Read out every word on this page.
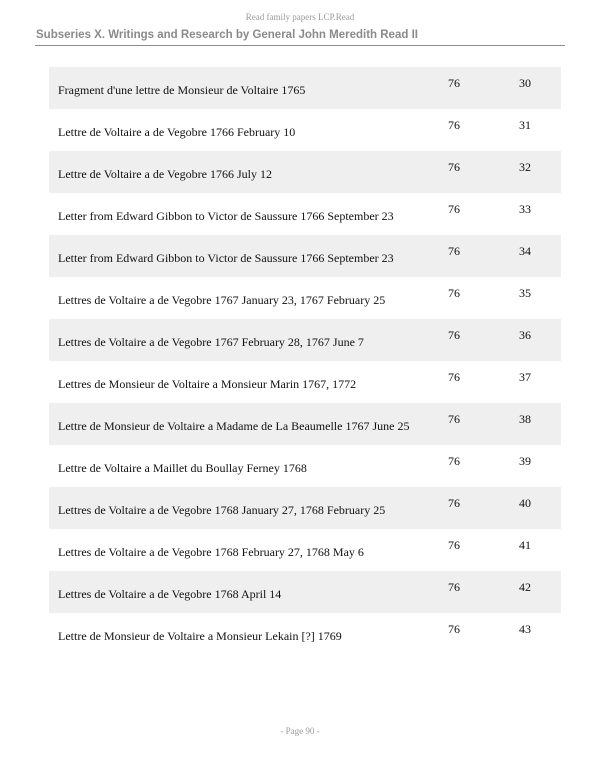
Read family papers LCP.Read
Subseries X. Writings and Research by General John Meredith Read II
Fragment d'une lettre de Monsieur de Voltaire 1765	76	30
Lettre de Voltaire a de Vegobre 1766 February 10	76	31
Lettre de Voltaire a de Vegobre 1766 July 12	76	32
Letter from Edward Gibbon to Victor de Saussure 1766 September 23	76	33
Letter from Edward Gibbon to Victor de Saussure 1766 September 23	76	34
Lettres de Voltaire a de Vegobre 1767 January 23, 1767 February 25	76	35
Lettres de Voltaire a de Vegobre 1767 February 28, 1767 June 7	76	36
Lettres de Monsieur de Voltaire a Monsieur Marin 1767, 1772	76	37
Lettre de Monsieur de Voltaire a Madame de La Beaumelle 1767 June 25	76	38
Lettre de Voltaire a Maillet du Boullay Ferney 1768	76	39
Lettres de Voltaire a de Vegobre 1768 January 27, 1768 February 25	76	40
Lettres de Voltaire a de Vegobre 1768 February 27, 1768 May 6	76	41
Lettres de Voltaire a de Vegobre 1768 April 14	76	42
Lettre de Monsieur de Voltaire a Monsieur Lekain [?] 1769	76	43
- Page 90 -
